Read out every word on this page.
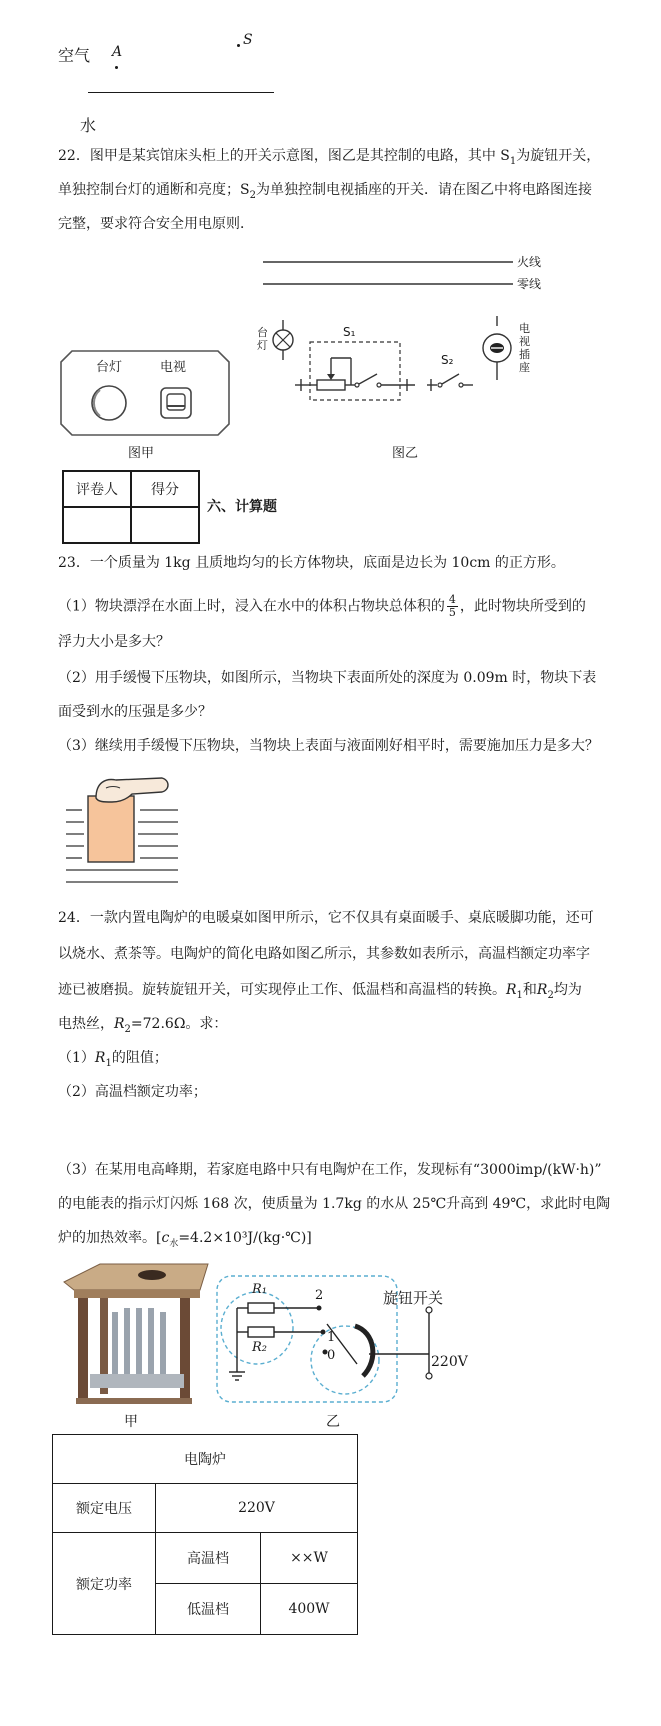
空气 A
S
水
22．图甲是某宾馆床头柜上的开关示意图，图乙是其控制的电路，其中 $S_1$为旋钮开关，
单独控制台灯的通断和亮度；$S_2$为单独控制电视插座的开关．请在图乙中将电路图连接
完整，要求符合安全用电原则．
台灯	电视
图甲
火线
零线
台灯
电视插座
S₁
S₂
图乙
评卷人	得分

六、计算题
23．一个质量为 1kg 且质地均匀的长方体物块，底面是边长为 10cm 的正方形。
（1）物块漂浮在水面上时，浸入在水中的体积占物块总体积的 $\frac{4}{5}$ ，此时物块所受到的
浮力大小是多大？
（2）用手缓慢下压物块，如图所示，当物块下表面所处的深度为 0.09m 时，物块下表
面受到水的压强是多少？
（3）继续用手缓慢下压物块，当物块上表面与液面刚好相平时，需要施加压力是多大？
24．一款内置电陶炉的电暖桌如图甲所示，它不仅具有桌面暖手、桌底暖脚功能，还可
以烧水、煮茶等。电陶炉的简化电路如图乙所示，其参数如表所示，高温档额定功率字
迹已被磨损。旋转旋钮开关，可实现停止工作、低温档和高温档的转换。$R_1$和$R_2$均为
电热丝，$R_2=72.6\Omega$。求：
$(1)R_1$的阻值；
（2）高温档额定功率；
（3）在某用电高峰期，若家庭电路中只有电陶炉在工作，发现标有“3000imp/(kW·h)”
的电能表的指示灯闪烁 168 次，使质量为 1.7kg 的水从 25℃升高到 49℃，求此时电陶
炉的加热效率。$[c_水=4.2\times 10^3J/(kg\cdot℃)]$
甲
R₁
R₂
2
1
0
旋钮开关
220V
乙
电陶炉		
额定电压	220V	
额定功率	高温档	××W
	低温档	400W
